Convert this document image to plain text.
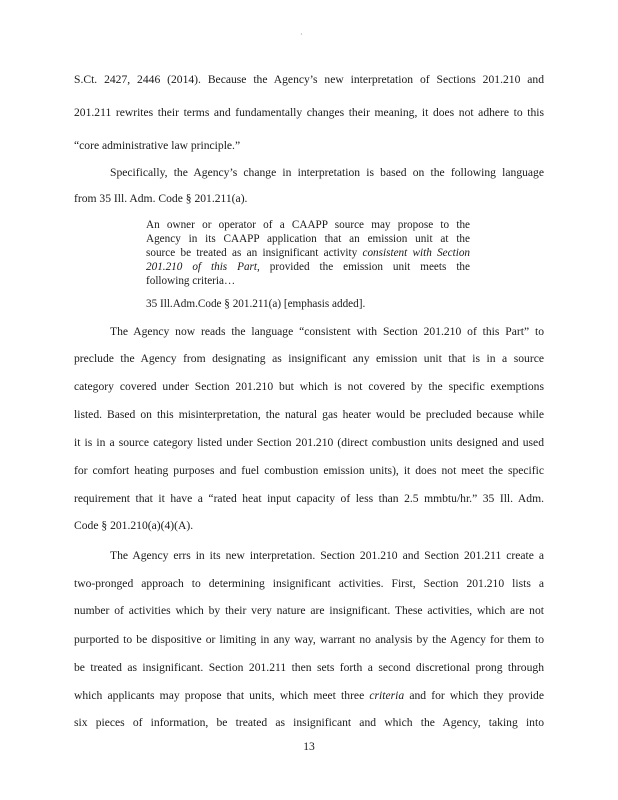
·
S.Ct. 2427, 2446 (2014). Because the Agency’s new interpretation of Sections 201.210 and
201.211 rewrites their terms and fundamentally changes their meaning, it does not adhere to this
“core administrative law principle.”
Specifically, the Agency’s change in interpretation is based on the following language
from 35 Ill. Adm. Code § 201.211(a).
An owner or operator of a CAAPP source may propose to the
Agency in its CAAPP application that an emission unit at the
source be treated as an insignificant activity consistent with Section
201.210 of this Part, provided the emission unit meets the
following criteria…
35 Ill.Adm.Code § 201.211(a) [emphasis added].
The Agency now reads the language “consistent with Section 201.210 of this Part” to
preclude the Agency from designating as insignificant any emission unit that is in a source
category covered under Section 201.210 but which is not covered by the specific exemptions
listed. Based on this misinterpretation, the natural gas heater would be precluded because while
it is in a source category listed under Section 201.210 (direct combustion units designed and used
for comfort heating purposes and fuel combustion emission units), it does not meet the specific
requirement that it have a “rated heat input capacity of less than 2.5 mmbtu/hr.” 35 Ill. Adm.
Code § 201.210(a)(4)(A).
The Agency errs in its new interpretation. Section 201.210 and Section 201.211 create a
two-pronged approach to determining insignificant activities. First, Section 201.210 lists a
number of activities which by their very nature are insignificant. These activities, which are not
purported to be dispositive or limiting in any way, warrant no analysis by the Agency for them to
be treated as insignificant. Section 201.211 then sets forth a second discretional prong through
which applicants may propose that units, which meet three criteria and for which they provide
six pieces of information, be treated as insignificant and which the Agency, taking into
13
